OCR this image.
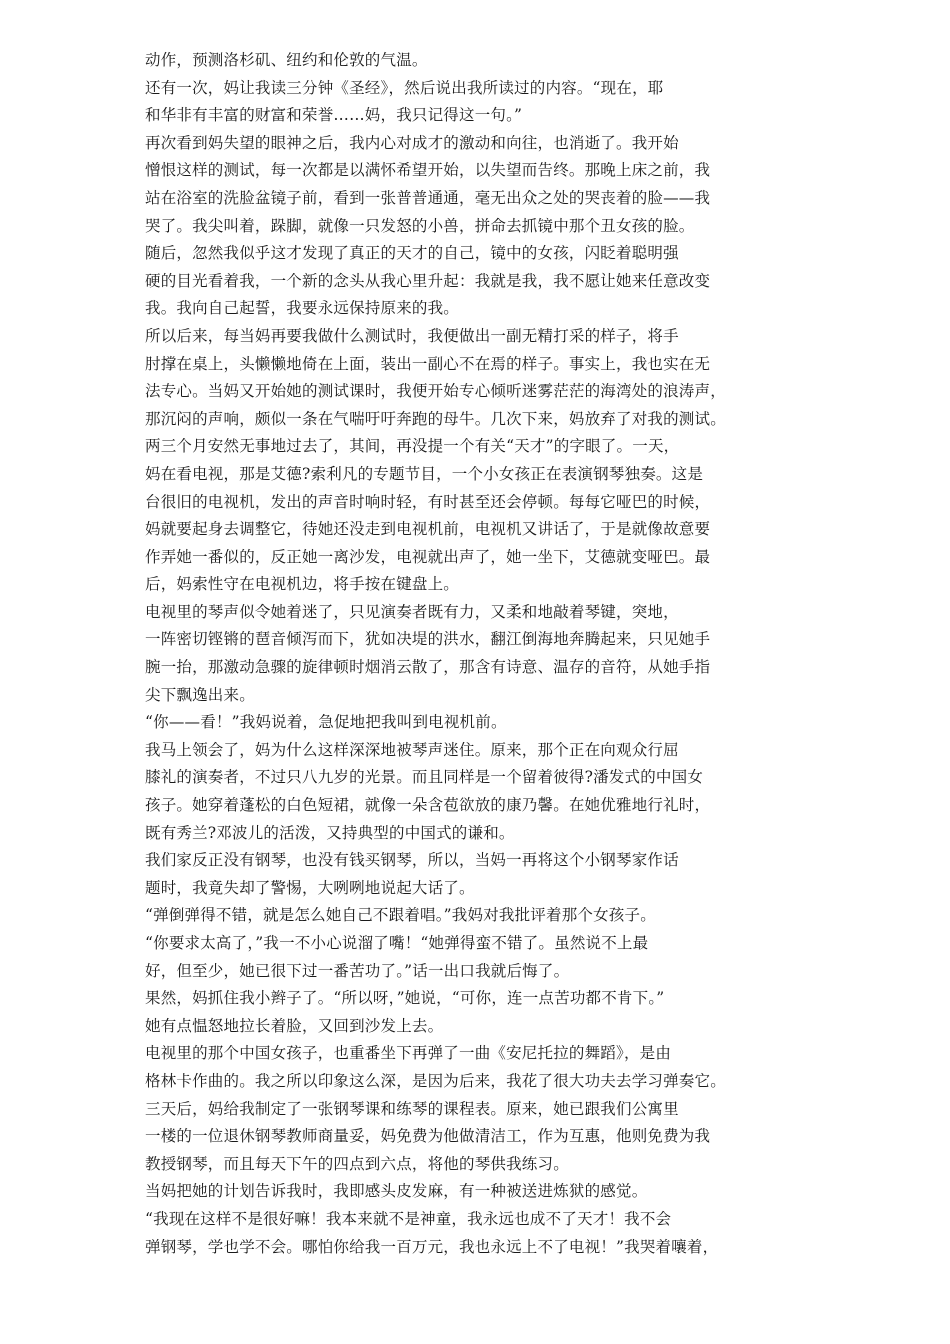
动作，预测洛杉矶、纽约和伦敦的气温。
还有一次，妈让我读三分钟《圣经》，然后说出我所读过的内容。“现在，耶
和华非有丰富的财富和荣誉……妈，我只记得这一句。”
再次看到妈失望的眼神之后，我内心对成才的激动和向往，也消逝了。我开始
憎恨这样的测试，每一次都是以满怀希望开始，以失望而告终。那晚上床之前，我
站在浴室的洗脸盆镜子前，看到一张普普通通，毫无出众之处的哭丧着的脸——我
哭了。我尖叫着，跺脚，就像一只发怒的小兽，拼命去抓镜中那个丑女孩的脸。
随后，忽然我似乎这才发现了真正的天才的自己，镜中的女孩，闪眨着聪明强
硬的目光看着我，一个新的念头从我心里升起：我就是我，我不愿让她来任意改变
我。我向自己起誓，我要永远保持原来的我。
所以后来，每当妈再要我做什么测试时，我便做出一副无精打采的样子，将手
肘撑在桌上，头懒懒地倚在上面，装出一副心不在焉的样子。事实上，我也实在无
法专心。当妈又开始她的测试课时，我便开始专心倾听迷雾茫茫的海湾处的浪涛声，
那沉闷的声响，颇似一条在气喘吁吁奔跑的母牛。几次下来，妈放弃了对我的测试。
两三个月安然无事地过去了，其间，再没提一个有关“天才”的字眼了。一天，
妈在看电视，那是艾德?索利凡的专题节目，一个小女孩正在表演钢琴独奏。这是
台很旧的电视机，发出的声音时响时轻，有时甚至还会停顿。每每它哑巴的时候，
妈就要起身去调整它，待她还没走到电视机前，电视机又讲话了，于是就像故意要
作弄她一番似的，反正她一离沙发，电视就出声了，她一坐下，艾德就变哑巴。最
后，妈索性守在电视机边，将手按在键盘上。
电视里的琴声似令她着迷了，只见演奏者既有力，又柔和地敲着琴键，突地，
一阵密切铿锵的琶音倾泻而下，犹如决堤的洪水，翻江倒海地奔腾起来，只见她手
腕一抬，那激动急骤的旋律顿时烟消云散了，那含有诗意、温存的音符，从她手指
尖下飘逸出来。
“你——看！”我妈说着，急促地把我叫到电视机前。
我马上领会了，妈为什么这样深深地被琴声迷住。原来，那个正在向观众行屈
膝礼的演奏者，不过只八九岁的光景。而且同样是一个留着彼得?潘发式的中国女
孩子。她穿着蓬松的白色短裙，就像一朵含苞欲放的康乃馨。在她优雅地行礼时，
既有秀兰?邓波儿的活泼，又持典型的中国式的谦和。
我们家反正没有钢琴，也没有钱买钢琴，所以，当妈一再将这个小钢琴家作话
题时，我竟失却了警惕，大咧咧地说起大话了。
“弹倒弹得不错，就是怎么她自己不跟着唱。”我妈对我批评着那个女孩子。
“你要求太高了，”我一不小心说溜了嘴！“她弹得蛮不错了。虽然说不上最
好，但至少，她已很下过一番苦功了。”话一出口我就后悔了。
果然，妈抓住我小辫子了。“所以呀，”她说，“可你，连一点苦功都不肯下。”
她有点愠怒地拉长着脸，又回到沙发上去。
电视里的那个中国女孩子，也重番坐下再弹了一曲《安尼托拉的舞蹈》，是由
格林卡作曲的。我之所以印象这么深，是因为后来，我花了很大功夫去学习弹奏它。
三天后，妈给我制定了一张钢琴课和练琴的课程表。原来，她已跟我们公寓里
一楼的一位退休钢琴教师商量妥，妈免费为他做清洁工，作为互惠，他则免费为我
教授钢琴，而且每天下午的四点到六点，将他的琴供我练习。
当妈把她的计划告诉我时，我即感头皮发麻，有一种被送进炼狱的感觉。
“我现在这样不是很好嘛！我本来就不是神童，我永远也成不了天才！我不会
弹钢琴，学也学不会。哪怕你给我一百万元，我也永远上不了电视！”我哭着嚷着，
